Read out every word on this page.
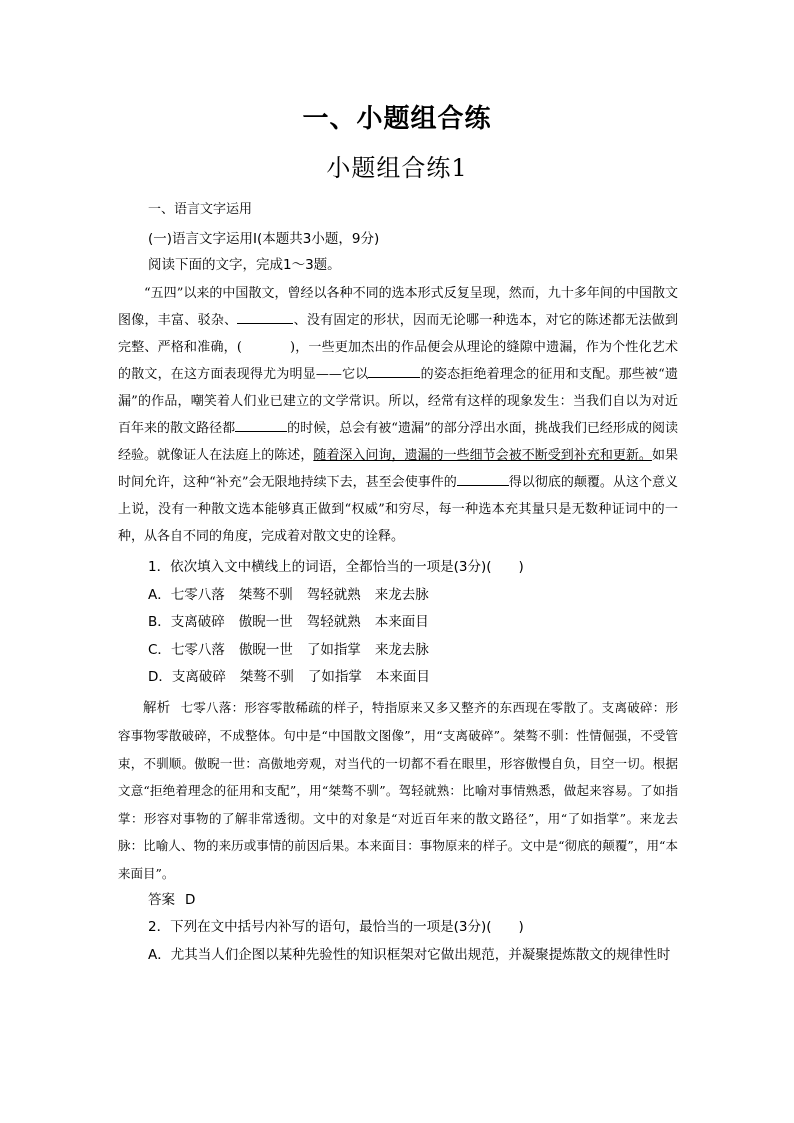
一、小题组合练
小题组合练1
一、语言文字运用
(一)语言文字运用Ⅰ(本题共3小题，9分)
阅读下面的文字，完成1～3题。
“五四”以来的中国散文，曾经以各种不同的选本形式反复呈现，然而，九十多年间的中国散文图像，丰富、驳杂、	、没有固定的形状，因而无论哪一种选本，对它的陈述都无法做到完整、严格和准确，(	)，一些更加杰出的作品便会从理论的缝隙中遗漏，作为个性化艺术的散文，在这方面表现得尤为明显——它以	的姿态拒绝着理念的征用和支配。那些被“遗漏”的作品，嘲笑着人们业已建立的文学常识。所以，经常有这样的现象发生：当我们自以为对近百年来的散文路径都	的时候，总会有被“遗漏”的部分浮出水面，挑战我们已经形成的阅读经验。就像证人在法庭上的陈述，随着深入问询，遗漏的一些细节会被不断受到补充和更新。如果时间允许，这种“补充”会无限地持续下去，甚至会使事件的	得以彻底的颠覆。从这个意义上说，没有一种散文选本能够真正做到“权威”和穷尽，每一种选本充其量只是无数种证词中的一种，从各自不同的角度，完成着对散文史的诠释。
1．依次填入文中横线上的词语，全都恰当的一项是(3分)(　　)
A．七零八落 桀骜不驯 驾轻就熟 来龙去脉
B．支离破碎 傲睨一世 驾轻就熟 本来面目
C．七零八落 傲睨一世 了如指掌 来龙去脉
D．支离破碎 桀骜不驯 了如指掌 本来面目
解析 七零八落：形容零散稀疏的样子，特指原来又多又整齐的东西现在零散了。支离破碎：形容事物零散破碎，不成整体。句中是“中国散文图像”，用“支离破碎”。桀骜不驯：性情倔强，不受管束，不驯顺。傲睨一世：高傲地旁观，对当代的一切都不看在眼里，形容傲慢自负，目空一切。根据文意“拒绝着理念的征用和支配”，用“桀骜不驯”。驾轻就熟：比喻对事情熟悉，做起来容易。了如指掌：形容对事物的了解非常透彻。文中的对象是“对近百年来的散文路径”，用“了如指掌”。来龙去脉：比喻人、物的来历或事情的前因后果。本来面目：事物原来的样子。文中是“彻底的颠覆”，用“本来面目”。
答案 D
2．下列在文中括号内补写的语句，最恰当的一项是(3分)(　　)
A．尤其当人们企图以某种先验性的知识框架对它做出规范，并凝聚提炼散文的规律性时
